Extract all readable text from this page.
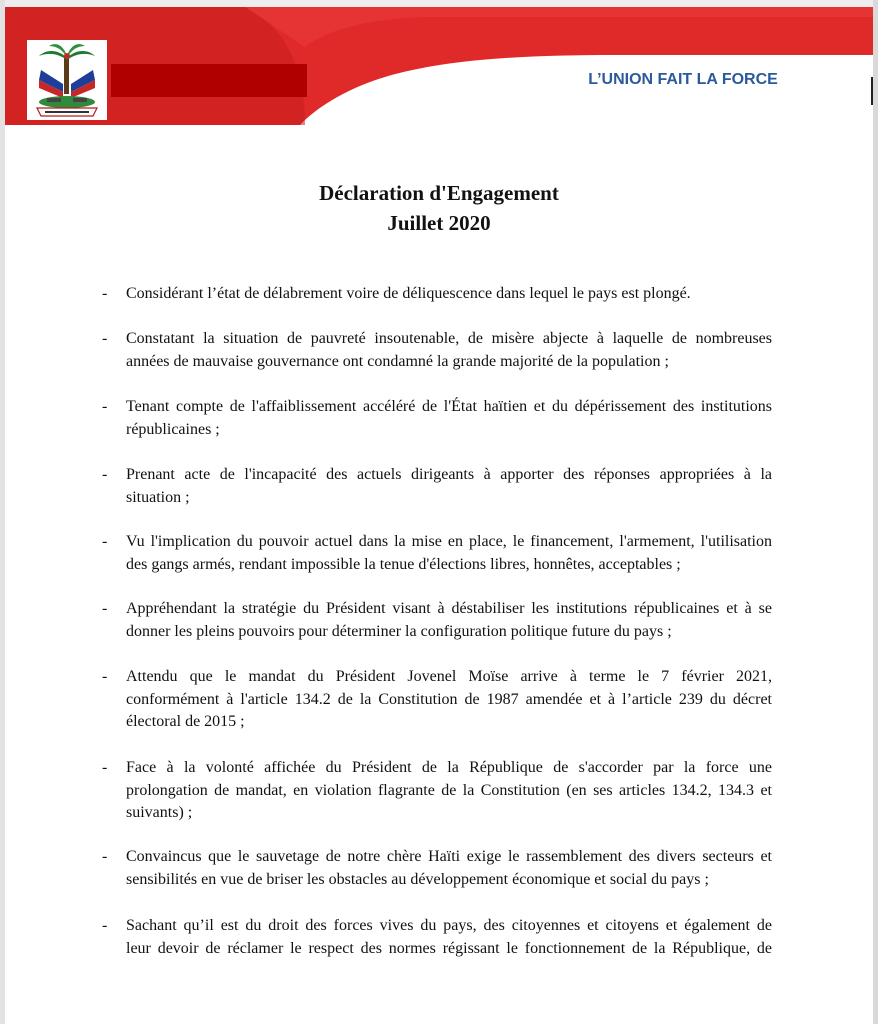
L’UNION FAIT LA FORCE
Déclaration d'Engagement
Juillet 2020
- Considérant l’état de délabrement voire de déliquescence dans lequel le pays est plongé.
- Constatant la situation de pauvreté insoutenable, de misère abjecte à laquelle de nombreuses
années de mauvaise gouvernance ont condamné la grande majorité de la population ;
- Tenant compte de l'affaiblissement accéléré de l'État haïtien et du dépérissement des institutions
républicaines ;
- Prenant acte de l'incapacité des actuels dirigeants à apporter des réponses appropriées à la
situation ;
- Vu l'implication du pouvoir actuel dans la mise en place, le financement, l'armement, l'utilisation
des gangs armés, rendant impossible la tenue d'élections libres, honnêtes, acceptables ;
- Appréhendant la stratégie du Président visant à déstabiliser les institutions républicaines et à se
donner les pleins pouvoirs pour déterminer la configuration politique future du pays ;
- Attendu que le mandat du Président Jovenel Moïse arrive à terme le 7 février 2021,
conformément à l'article 134.2 de la Constitution de 1987 amendée et à l’article 239 du décret
électoral de 2015 ;
- Face à la volonté affichée du Président de la République de s'accorder par la force une
prolongation de mandat, en violation flagrante de la Constitution (en ses articles 134.2, 134.3 et
suivants) ;
- Convaincus que le sauvetage de notre chère Haïti exige le rassemblement des divers secteurs et
sensibilités en vue de briser les obstacles au développement économique et social du pays ;
- Sachant qu’il est du droit des forces vives du pays, des citoyennes et citoyens et également de
leur devoir de réclamer le respect des normes régissant le fonctionnement de la République, de
